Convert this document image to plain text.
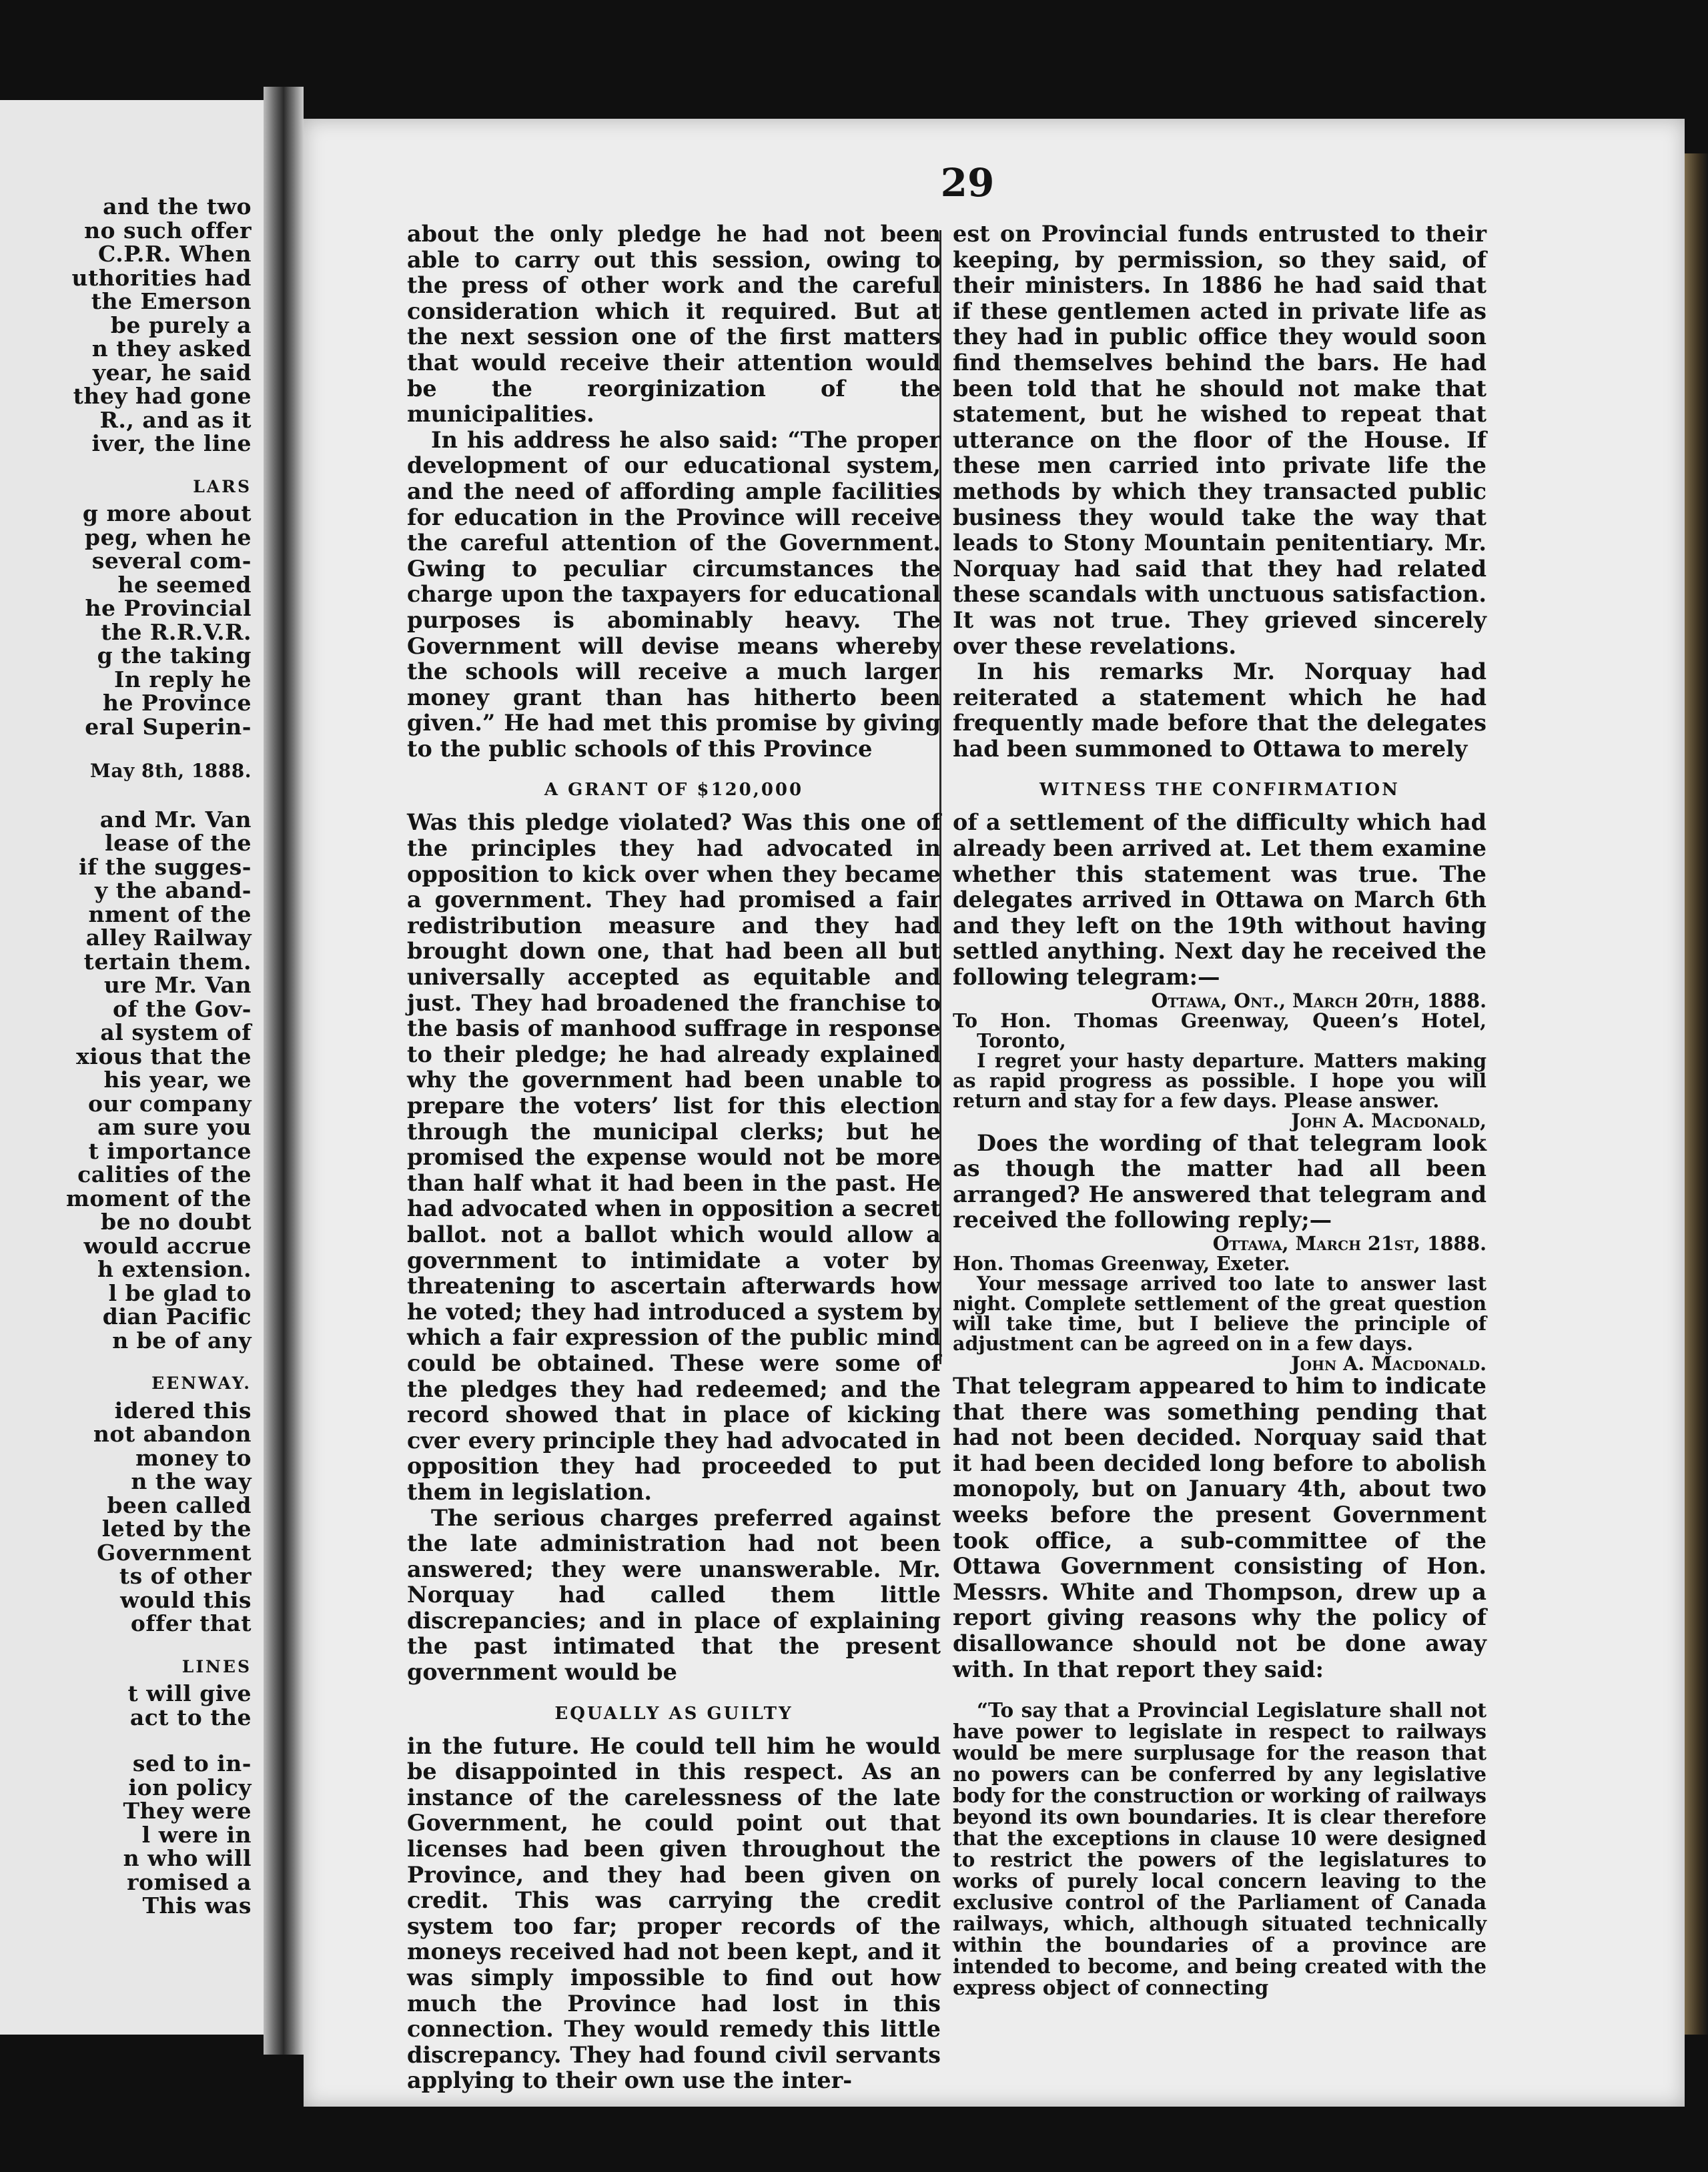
and the two
no such offer
C.P.R. When
uthorities had
the Emerson
be purely a
n they asked
year, he said
they had gone
R., and as it
iver, the line
LARS
g more about
peg, when he
several com-
he seemed
he Provincial
the R.R.V.R.
g the taking
In reply he
he Province
eral Superin-
May 8th, 1888.
and Mr. Van
lease of the
if the sugges-
y the aband-
nment of the
alley Railway
tertain them.
ure Mr. Van
of the Gov-
al system of
xious that the
his year, we
our company
am sure you
t importance
calities of the
moment of the
be no doubt
would accrue
h extension.
l be glad to
dian Pacific
n be of any
EENWAY.
idered this
not abandon
money to
n the way
been called
leted by the
Government
ts of other
would this
offer that
LINES
t will give
act to the
sed to in-
ion policy
They were
l were in
n who will
romised a
This was
29

about the only pledge he had not been able to carry out this session, owing to the press of other work and the careful consideration which it required. But at the next session one of the first matters that would receive their attention would be the reorginization of the municipalities.

In his address he also said: “The proper development of our educational system, and the need of affording ample facilities for education in the Province will receive the careful attention of the Government. Gwing to peculiar circumstances the charge upon the taxpayers for educational purposes is abominably heavy. The Government will devise means whereby the schools will receive a much larger money grant than has hitherto been given.” He had met this promise by giving to the public schools of this Province

A GRANT OF $120,000

Was this pledge violated? Was this one of the principles they had advocated in opposition to kick over when they became a government. They had promised a fair redistribution measure and they had brought down one, that had been all but universally accepted as equitable and just. They had broadened the franchise to the basis of manhood suffrage in response to their pledge; he had already explained why the government had been unable to prepare the voters’ list for this election through the municipal clerks; but he promised the expense would not be more than half what it had been in the past. He had advocated when in opposition a secret ballot. not a ballot which would allow a government to intimidate a voter by threatening to ascertain afterwards how he voted; they had introduced a system by which a fair expression of the public mind could be obtained. These were some of the pledges they had redeemed; and the record showed that in place of kicking cver every principle they had advocated in opposition they had proceeded to put them in legislation.

The serious charges preferred against the late administration had not been answered; they were unanswerable. Mr. Norquay had called them little discrepancies; and in place of explaining the past intimated that the present government would be

EQUALLY AS GUILTY

in the future. He could tell him he would be disappointed in this respect. As an instance of the carelessness of the late Government, he could point out that licenses had been given throughout the Province, and they had been given on credit. This was carrying the credit system too far; proper records of the moneys received had not been kept, and it was simply impossible to find out how much the Province had lost in this connection. They would remedy this little discrepancy. They had found civil servants applying to their own use the inter-

est on Provincial funds entrusted to their keeping, by permission, so they said, of their ministers. In 1886 he had said that if these gentlemen acted in private life as they had in public office they would soon find themselves behind the bars. He had been told that he should not make that statement, but he wished to repeat that utterance on the floor of the House. If these men carried into private life the methods by which they transacted public business they would take the way that leads to Stony Mountain penitentiary. Mr. Norquay had said that they had related these scandals with unctuous satisfaction. It was not true. They grieved sincerely over these revelations.

In his remarks Mr. Norquay had reiterated a statement which he had frequently made before that the delegates had been summoned to Ottawa to merely

WITNESS THE CONFIRMATION

of a settlement of the difficulty which had already been arrived at. Let them examine whether this statement was true. The delegates arrived in Ottawa on March 6th and they left on the 19th without having settled anything. Next day he received the following telegram:—

Ottawa, Ont., March 20th, 1888.

To Hon. Thomas Greenway, Queen’s Hotel, Toronto,

I regret your hasty departure. Matters making as rapid progress as possible. I hope you will return and stay for a few days. Please answer.

John A. Macdonald,

Does the wording of that telegram look as though the matter had all been arranged? He answered that telegram and received the following reply;—

Ottawa, March 21st, 1888.

Hon. Thomas Greenway, Exeter.

Your message arrived too late to answer last night. Complete settlement of the great question will take time, but I believe the principle of adjustment can be agreed on in a few days.

John A. Macdonald.

That telegram appeared to him to indicate that there was something pending that had not been decided. Norquay said that it had been decided long before to abolish monopoly, but on January 4th, about two weeks before the present Government took office, a sub-committee of the Ottawa Government consisting of Hon. Messrs. White and Thompson, drew up a report giving reasons why the policy of disallowance should not be done away with. In that report they said:

“To say that a Provincial Legislature shall not have power to legislate in respect to railways would be mere surplusage for the reason that no powers can be conferred by any legislative body for the construction or working of railways beyond its own boundaries. It is clear therefore that the exceptions in clause 10 were designed to restrict the powers of the legislatures to works of purely local concern leaving to the exclusive control of the Parliament of Canada railways, which, although situated technically within the boundaries of a province are intended to become, and being created with the express object of connecting
